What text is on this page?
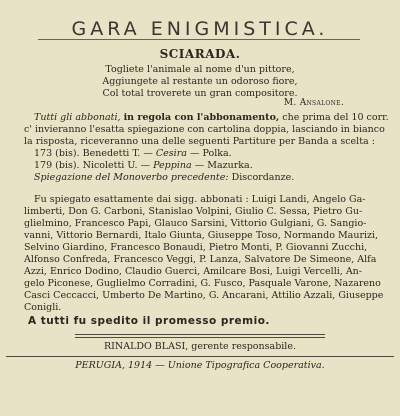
GARA ENIGMISTICA.
SCIARADA.
Togliete l'animale al nome d'un pittore,
Aggiungete al restante un odoroso fiore,
Col total troverete un gran compositore.
M. Ansalone.
Tutti gli abbonati, in regola con l'abbonamento, che prima del 10 corr.
c' invieranno l'esatta spiegazione con cartolina doppia, lasciando in bianco
la risposta, riceveranno una delle seguenti Partiture per Banda a scelta :
173 (bis). Benedetti T. — Cesira — Polka.
179 (bis). Nicoletti U. — Peppina — Mazurka.
Spiegazione del Monoverbo precedente: Discordanze.
Fu spiegato esattamente dai sigg. abbonati : Luigi Landi, Angelo Ga-
limberti, Don G. Carboni, Stanislao Volpini, Giulio C. Sessa, Pietro Gu-
glielmino, Francesco Papi, Glauco Sarsini, Vittorio Gulgiani, G. Sangio-
vanni, Vittorio Bernardi, Italo Giunta, Giuseppe Toso, Normando Maurizi,
Selvino Giardino, Francesco Bonaudi, Pietro Monti, P. Giovanni Zucchi,
Alfonso Confreda, Francesco Veggi, P. Lanza, Salvatore De Simeone, Alfa
Azzi, Enrico Dodino, Claudio Guerci, Amilcare Bosi, Luigi Vercelli, An-
gelo Piconese, Guglielmo Corradini, G. Fusco, Pasquale Varone, Nazareno
Casci Ceccacci, Umberto De Martino, G. Ancarani, Attilio Azzali, Giuseppe
Conigli.
A tutti fu spedito il promesso premio.
RINALDO BLASI, gerente responsabile.
PERUGIA, 1914 — Unione Tipografica Cooperativa.
